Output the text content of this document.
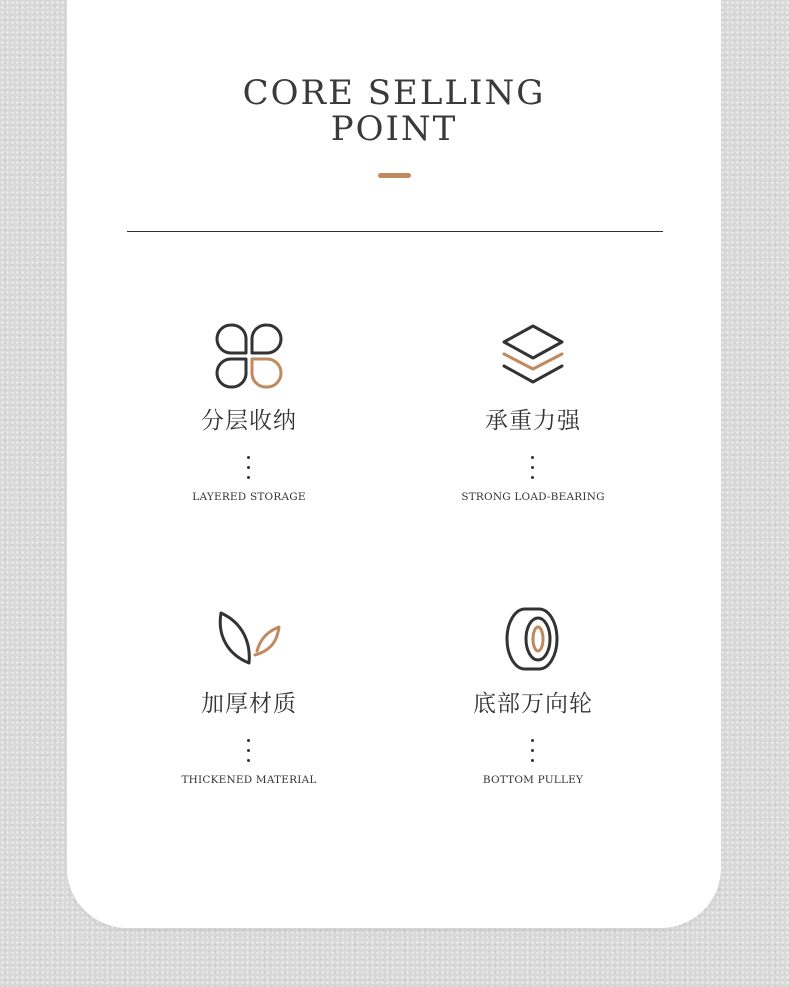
CORE SELLING
POINT
分层收纳
LAYERED STORAGE
承重力强
STRONG LOAD-BEARING
加厚材质
THICKENED MATERIAL
底部万向轮
BOTTOM PULLEY
